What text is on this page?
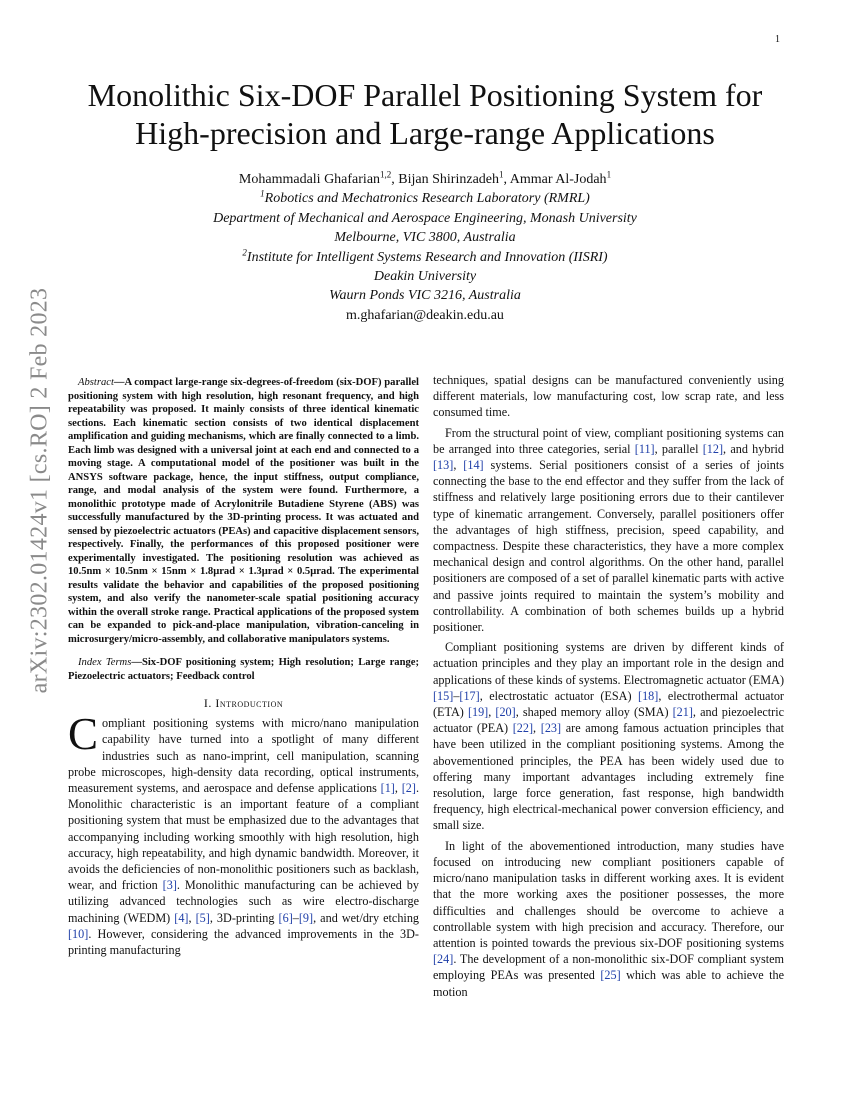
1
arXiv:2302.01424v1 [cs.RO] 2 Feb 2023
Monolithic Six-DOF Parallel Positioning System for
High-precision and Large-range Applications
Mohammadali Ghafarian$^{1,2}$, Bijan Shirinzadeh$^1$, Ammar Al-Jodah$^1$
$^1$Robotics and Mechatronics Research Laboratory (RMRL)
Department of Mechanical and Aerospace Engineering, Monash University
Melbourne, VIC 3800, Australia
$^2$Institute for Intelligent Systems Research and Innovation (IISRI)
Deakin University
Waurn Ponds VIC 3216, Australia
m.ghafarian@deakin.edu.au

Abstract—A compact large-range six-degrees-of-freedom (six-DOF) parallel positioning system with high resolution, high resonant frequency, and high repeatability was proposed. It mainly consists of three identical kinematic sections. Each kinematic section consists of two identical displacement amplification and guiding mechanisms, which are finally connected to a limb. Each limb was designed with a universal joint at each end and connected to a moving stage. A computational model of the positioner was built in the ANSYS software package, hence, the input stiffness, output compliance, range, and modal analysis of the system were found. Furthermore, a monolithic prototype made of Acrylonitrile Butadiene Styrene (ABS) was successfully manufactured by the 3D-printing process. It was actuated and sensed by piezoelectric actuators (PEAs) and capacitive displacement sensors, respectively. Finally, the performances of this proposed positioner were experimentally investigated. The positioning resolution was achieved as 10.5nm × 10.5nm × 15nm × 1.8μrad × 1.3μrad × 0.5μrad. The experimental results validate the behavior and capabilities of the proposed positioning system, and also verify the nanometer-scale spatial positioning accuracy within the overall stroke range. Practical applications of the proposed system can be expanded to pick-and-place manipulation, vibration-canceling in microsurgery/micro-assembly, and collaborative manipulators systems.

Index Terms—Six-DOF positioning system; High resolution; Large range; Piezoelectric actuators; Feedback control

I. Introduction

Compliant positioning systems with micro/nano manipulation capability have turned into a spotlight of many different industries such as nano-imprint, cell manipulation, scanning probe microscopes, high-density data recording, optical instruments, measurement systems, and aerospace and defense applications [1], [2]. Monolithic characteristic is an important feature of a compliant positioning system that must be emphasized due to the advantages that accompanying including working smoothly with high resolution, high accuracy, high repeatability, and high dynamic bandwidth. Moreover, it avoids the deficiencies of non-monolithic positioners such as backlash, wear, and friction [3]. Monolithic manufacturing can be achieved by utilizing advanced technologies such as wire electro-discharge machining (WEDM) [4], [5], 3D-printing [6]–[9], and wet/dry etching [10]. However, considering the advanced improvements in the 3D-printing manufacturing

techniques, spatial designs can be manufactured conveniently using different materials, low manufacturing cost, low scrap rate, and less consumed time.

From the structural point of view, compliant positioning systems can be arranged into three categories, serial [11], parallel [12], and hybrid [13], [14] systems. Serial positioners consist of a series of joints connecting the base to the end effector and they suffer from the lack of stiffness and relatively large positioning errors due to their cantilever type of kinematic arrangement. Conversely, parallel positioners offer the advantages of high stiffness, precision, speed capability, and compactness. Despite these characteristics, they have a more complex mechanical design and control algorithms. On the other hand, parallel positioners are composed of a set of parallel kinematic parts with active and passive joints required to maintain the system’s mobility and controllability. A combination of both schemes builds up a hybrid positioner.

Compliant positioning systems are driven by different kinds of actuation principles and they play an important role in the design and applications of these kinds of systems. Electromagnetic actuator (EMA) [15]–[17], electrostatic actuator (ESA) [18], electrothermal actuator (ETA) [19], [20], shaped memory alloy (SMA) [21], and piezoelectric actuator (PEA) [22], [23] are among famous actuation principles that have been utilized in the compliant positioning systems. Among the abovementioned principles, the PEA has been widely used due to offering many important advantages including extremely fine resolution, large force generation, fast response, high bandwidth frequency, high electrical-mechanical power conversion efficiency, and small size.

In light of the abovementioned introduction, many studies have focused on introducing new compliant positioners capable of micro/nano manipulation tasks in different working axes. It is evident that the more working axes the positioner possesses, the more difficulties and challenges should be overcome to achieve a controllable system with high precision and accuracy. Therefore, our attention is pointed towards the previous six-DOF positioning systems [24]. The development of a non-monolithic six-DOF compliant system employing PEAs was presented [25] which was able to achieve the motion
